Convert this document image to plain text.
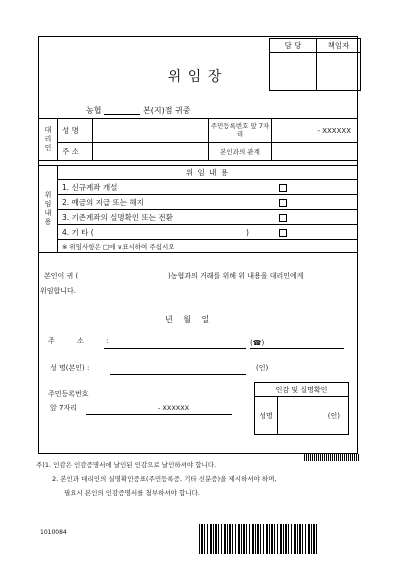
담 당	책임자

위 임 장
농협	본(지)점 귀중
대리인	성 명		주민등록번호 앞 7자리	- XXXXXX
	주 소		본인과의 관계	
위임내용	위 임 내 용
1. 신규계좌 개설

2. 예금의 지급 또는 해지

3. 기존계좌의 실명확인 또는 전환

4. 기 타 (	)

※ 위임사항은 □에 ∨표시하여 주십시오
본인이 귀 (	)농협과의 거래를 위해 위 내용을 대리인에게
위임합니다.
년 월 일
주 소 :	(☎)
성 명(본인) :	(인)
주민등록번호
앞 7자리	- XXXXXX
인감 및 실명확인
성명	(인)
주)1. 인감은 인감증명서에 날인된 인감으로 날인하셔야 합니다.
2. 본인과 대리인의 실명확인증표(주민등록증, 기타 신분증)을 제시하셔야 하며,
필요시 본인의 인감증명서를 첨부하셔야 합니다.
1010084
